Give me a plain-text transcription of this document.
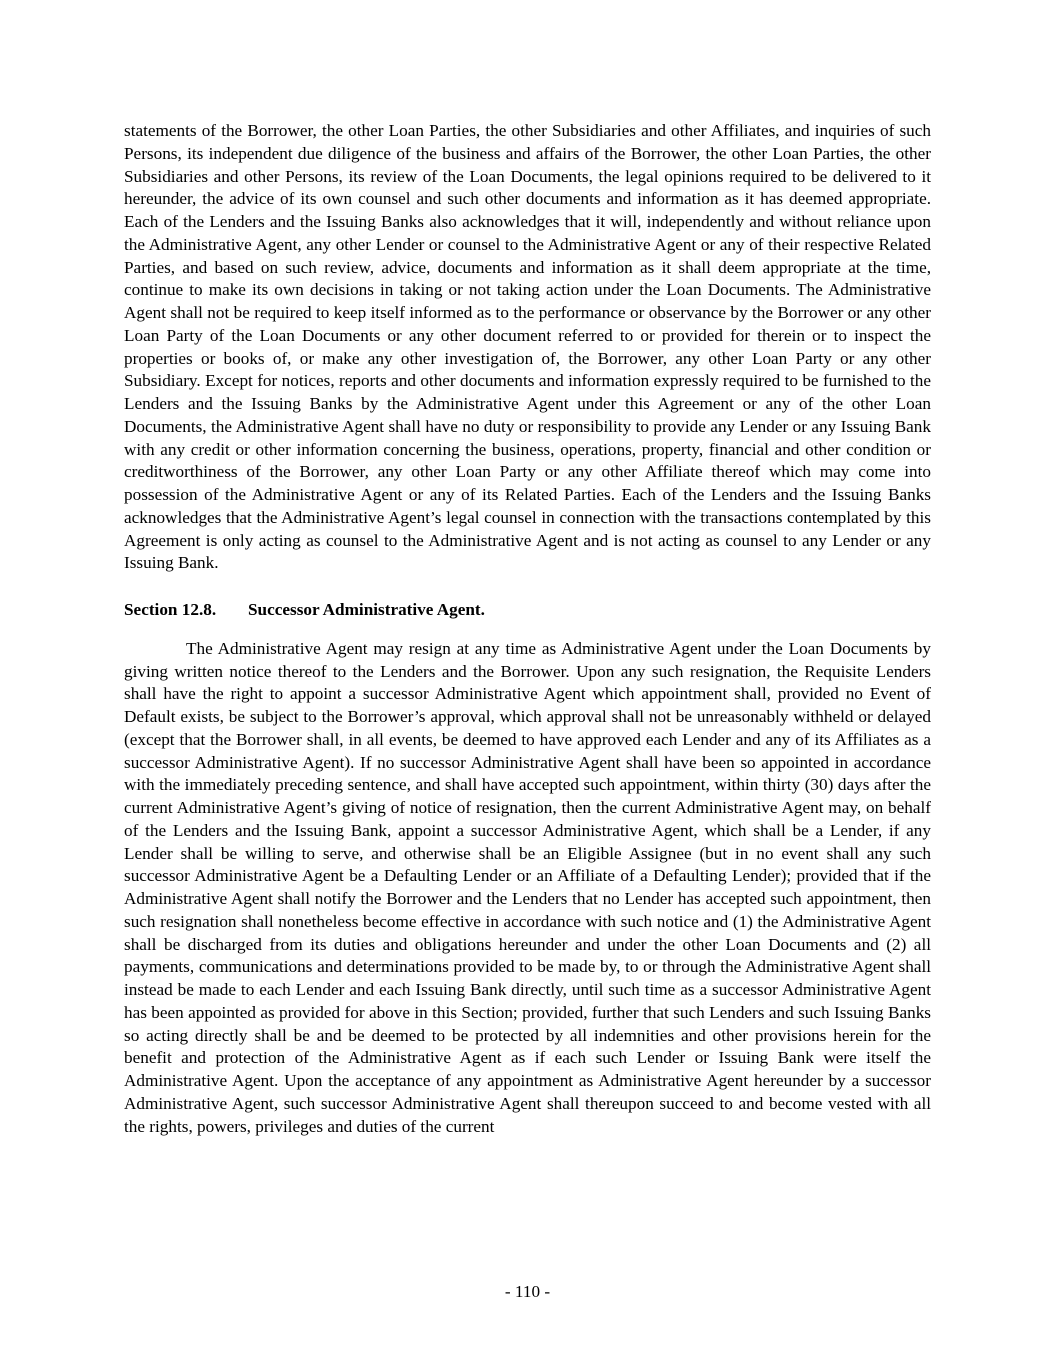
statements of the Borrower, the other Loan Parties, the other Subsidiaries and other Affiliates, and inquiries of such Persons, its independent due diligence of the business and affairs of the Borrower, the other Loan Parties, the other Subsidiaries and other Persons, its review of the Loan Documents, the legal opinions required to be delivered to it hereunder, the advice of its own counsel and such other documents and information as it has deemed appropriate. Each of the Lenders and the Issuing Banks also acknowledges that it will, independently and without reliance upon the Administrative Agent, any other Lender or counsel to the Administrative Agent or any of their respective Related Parties, and based on such review, advice, documents and information as it shall deem appropriate at the time, continue to make its own decisions in taking or not taking action under the Loan Documents. The Administrative Agent shall not be required to keep itself informed as to the performance or observance by the Borrower or any other Loan Party of the Loan Documents or any other document referred to or provided for therein or to inspect the properties or books of, or make any other investigation of, the Borrower, any other Loan Party or any other Subsidiary. Except for notices, reports and other documents and information expressly required to be furnished to the Lenders and the Issuing Banks by the Administrative Agent under this Agreement or any of the other Loan Documents, the Administrative Agent shall have no duty or responsibility to provide any Lender or any Issuing Bank with any credit or other information concerning the business, operations, property, financial and other condition or creditworthiness of the Borrower, any other Loan Party or any other Affiliate thereof which may come into possession of the Administrative Agent or any of its Related Parties. Each of the Lenders and the Issuing Banks acknowledges that the Administrative Agent’s legal counsel in connection with the transactions contemplated by this Agreement is only acting as counsel to the Administrative Agent and is not acting as counsel to any Lender or any Issuing Bank.

Section 12.8. Successor Administrative Agent.

The Administrative Agent may resign at any time as Administrative Agent under the Loan Documents by giving written notice thereof to the Lenders and the Borrower. Upon any such resignation, the Requisite Lenders shall have the right to appoint a successor Administrative Agent which appointment shall, provided no Event of Default exists, be subject to the Borrower’s approval, which approval shall not be unreasonably withheld or delayed (except that the Borrower shall, in all events, be deemed to have approved each Lender and any of its Affiliates as a successor Administrative Agent). If no successor Administrative Agent shall have been so appointed in accordance with the immediately preceding sentence, and shall have accepted such appointment, within thirty (30) days after the current Administrative Agent’s giving of notice of resignation, then the current Administrative Agent may, on behalf of the Lenders and the Issuing Bank, appoint a successor Administrative Agent, which shall be a Lender, if any Lender shall be willing to serve, and otherwise shall be an Eligible Assignee (but in no event shall any such successor Administrative Agent be a Defaulting Lender or an Affiliate of a Defaulting Lender); provided that if the Administrative Agent shall notify the Borrower and the Lenders that no Lender has accepted such appointment, then such resignation shall nonetheless become effective in accordance with such notice and (1) the Administrative Agent shall be discharged from its duties and obligations hereunder and under the other Loan Documents and (2) all payments, communications and determinations provided to be made by, to or through the Administrative Agent shall instead be made to each Lender and each Issuing Bank directly, until such time as a successor Administrative Agent has been appointed as provided for above in this Section; provided, further that such Lenders and such Issuing Banks so acting directly shall be and be deemed to be protected by all indemnities and other provisions herein for the benefit and protection of the Administrative Agent as if each such Lender or Issuing Bank were itself the Administrative Agent. Upon the acceptance of any appointment as Administrative Agent hereunder by a successor Administrative Agent, such successor Administrative Agent shall thereupon succeed to and become vested with all the rights, powers, privileges and duties of the current

- 110 -
